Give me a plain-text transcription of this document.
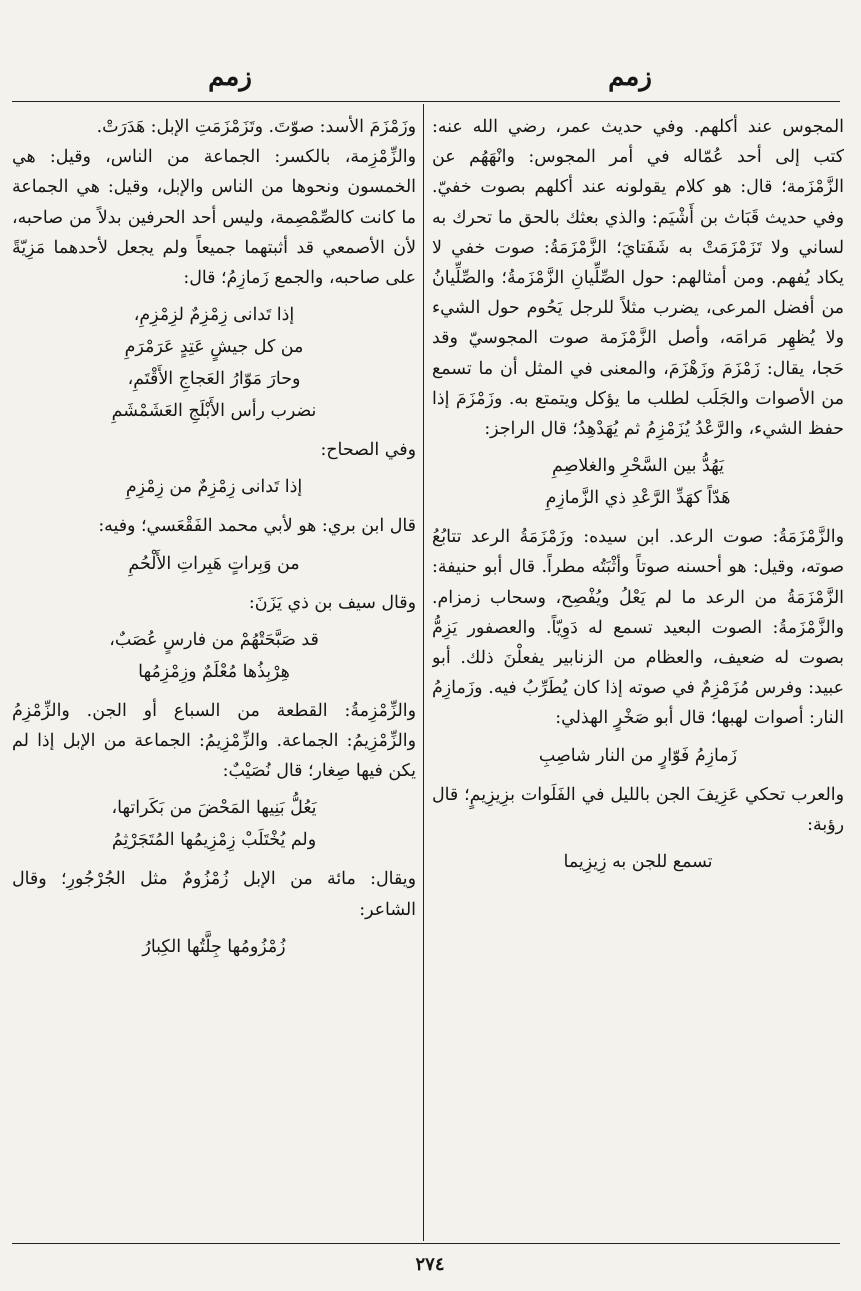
زمم
زمم

المجوس عند أكلهم. وفي حديث عمر، رضي الله عنه: كتب إلى أحد عُمّاله في أمر المجوس: وانْهَهُم عن الزَّمْزَمة؛ قال: هو كلام يقولونه عند أكلهم بصوت خفيّ. وفي حديث قَبَاث بن أَشْيَم: والذي بعثك بالحق ما تحرك به لساني ولا تَزَمْزَمَتْ به شَفَتايَ؛ الزَّمْزَمَةُ: صوت خفي لا يكاد يُفهم. ومن أمثالهم: حول الصِّلِّيانِ الزَّمْزَمةُ؛ والصِّلِّيانُ من أفضل المرعى، يضرب مثلاً للرجل يَحُوم حول الشيء ولا يُظهِر مَرامَه، وأصل الزَّمْزَمة صوت المجوسيّ وقد حَجا، يقال: زَمْزَمَ وزَهْزَمَ، والمعنى في المثل أن ما تسمع من الأصوات والجَلَب لطلب ما يؤكل ويتمتع به. وزَمْزَمَ إذا حفظ الشيء، والرَّعْدُ يُزَمْزِمُ ثم يُهَدْهِدُ؛ قال الراجز:

يَهُدُّ بين السَّحْرِ والغلاصِمِ
هَدّاً كهَدِّ الرَّعْدِ ذي الزَّمازِمِ

والزَّمْزَمَةُ: صوت الرعد. ابن سيده: وزَمْزَمَةُ الرعد تتابُعُ صوته، وقيل: هو أحسنه صوتاً وأثْبَتُه مطراً. قال أبو حنيفة: الزَّمْزَمَةُ من الرعد ما لم يَعْلُ ويُفْصِح، وسحاب زمزام. والزَّمْزَمةُ: الصوت البعيد تسمع له دَوِيّاً. والعصفور يَزِمُّ بصوت له ضعيف، والعظام من الزنابير يفعلْنَ ذلك. أبو عبيد: وفرس مُزَمْزِمٌ في صوته إذا كان يُطَرِّبُ فيه. وزَمازِمُ النار: أصوات لهبها؛ قال أبو صَخْرٍ الهذلي:

زَمازِمُ فَوّارٍ من النار شاصِبِ

والعرب تحكي عَزِيفَ الجن بالليل في الفَلَوات بزِيزِيمٍ؛ قال رؤبة:

تسمع للجن به زِيزِيما

وزَمْزَمَ الأسد: صوّتَ. وتَزَمْزَمَتِ الإبل: هَدَرَتْ.

والزِّمْزِمة، بالكسر: الجماعة من الناس، وقيل: هي الخمسون ونحوها من الناس والإبل، وقيل: هي الجماعة ما كانت كالصِّمْصِمة، وليس أحد الحرفين بدلاً من صاحبه، لأن الأصمعي قد أثبتهما جميعاً ولم يجعل لأحدهما مَزِيّةً على صاحبه، والجمع زَمازِمُ؛ قال:

إذا تَدانى زِمْزِمٌ لزِمْزِمِ،
من كل جيشٍ عَتِدٍ عَرَمْرَمِ
وحارَ مَوّارُ العَجاجِ الأَقْتَمِ،
نضرب رأس الأَبْلَجِ العَشَمْشَمِ

وفي الصحاح:

إذا تَدانى زِمْزِمٌ من زِمْزِمِ

قال ابن بري: هو لأبي محمد الفَقْعَسي؛ وفيه:

من وَبِراتٍ هَبِراتِ الأَلْحُمِ

وقال سيف بن ذي يَزَنَ:

قد صَبَّحَتْهُمْ من فارسٍ عُصَبٌ،
هِرْبِذُها مُعْلَمٌ وزِمْزِمُها

والزِّمْزِمةُ: القطعة من السباع أو الجن. والزِّمْزِمُ والزِّمْزِيمُ: الجماعة. والزِّمْزِيمُ: الجماعة من الإبل إذا لم يكن فيها صِغار؛ قال نُصَيْبٌ:

يَعُلُّ بَنِيها المَحْضَ من بَكَراتها،
ولم يُخْتَلَبْ زِمْزِيمُها المُتَجَرْثِمُ

ويقال: مائة من الإبل زُمْزُومٌ مثل الجُرْجُورِ؛ وقال الشاعر:

زُمْزُومُها جِلَّتُها الكِبارُ
٢٧٤
